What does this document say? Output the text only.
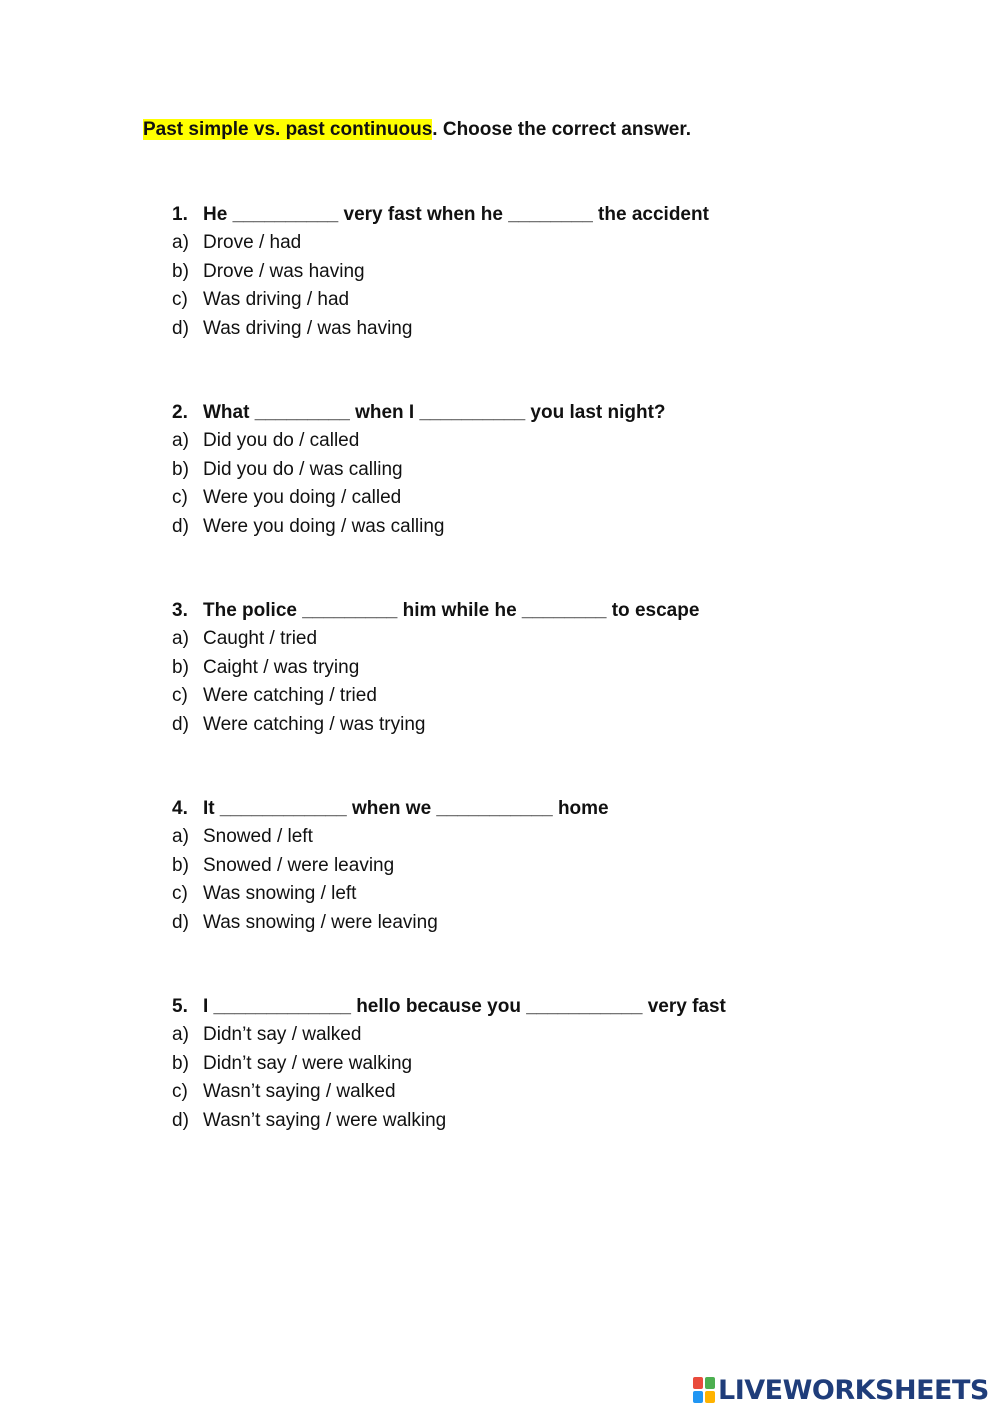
Past simple vs. past continuous. Choose the correct answer.
1. He __________ very fast when he ________ the accident
a) Drove / had
b) Drove / was having
c) Was driving / had
d) Was driving / was having
2. What _________ when I __________ you last night?
a) Did you do / called
b) Did you do / was calling
c) Were you doing / called
d) Were you doing / was calling
3. The police _________ him while he ________ to escape
a) Caught / tried
b) Caight / was trying
c) Were catching / tried
d) Were catching / was trying
4. It ____________ when we ___________ home
a) Snowed / left
b) Snowed / were leaving
c) Was snowing / left
d) Was snowing / were leaving
5. I _____________ hello because you ___________ very fast
a) Didn’t say / walked
b) Didn’t say / were walking
c) Wasn’t saying / walked
d) Wasn’t saying / were walking
LIVEWORKSHEETS
